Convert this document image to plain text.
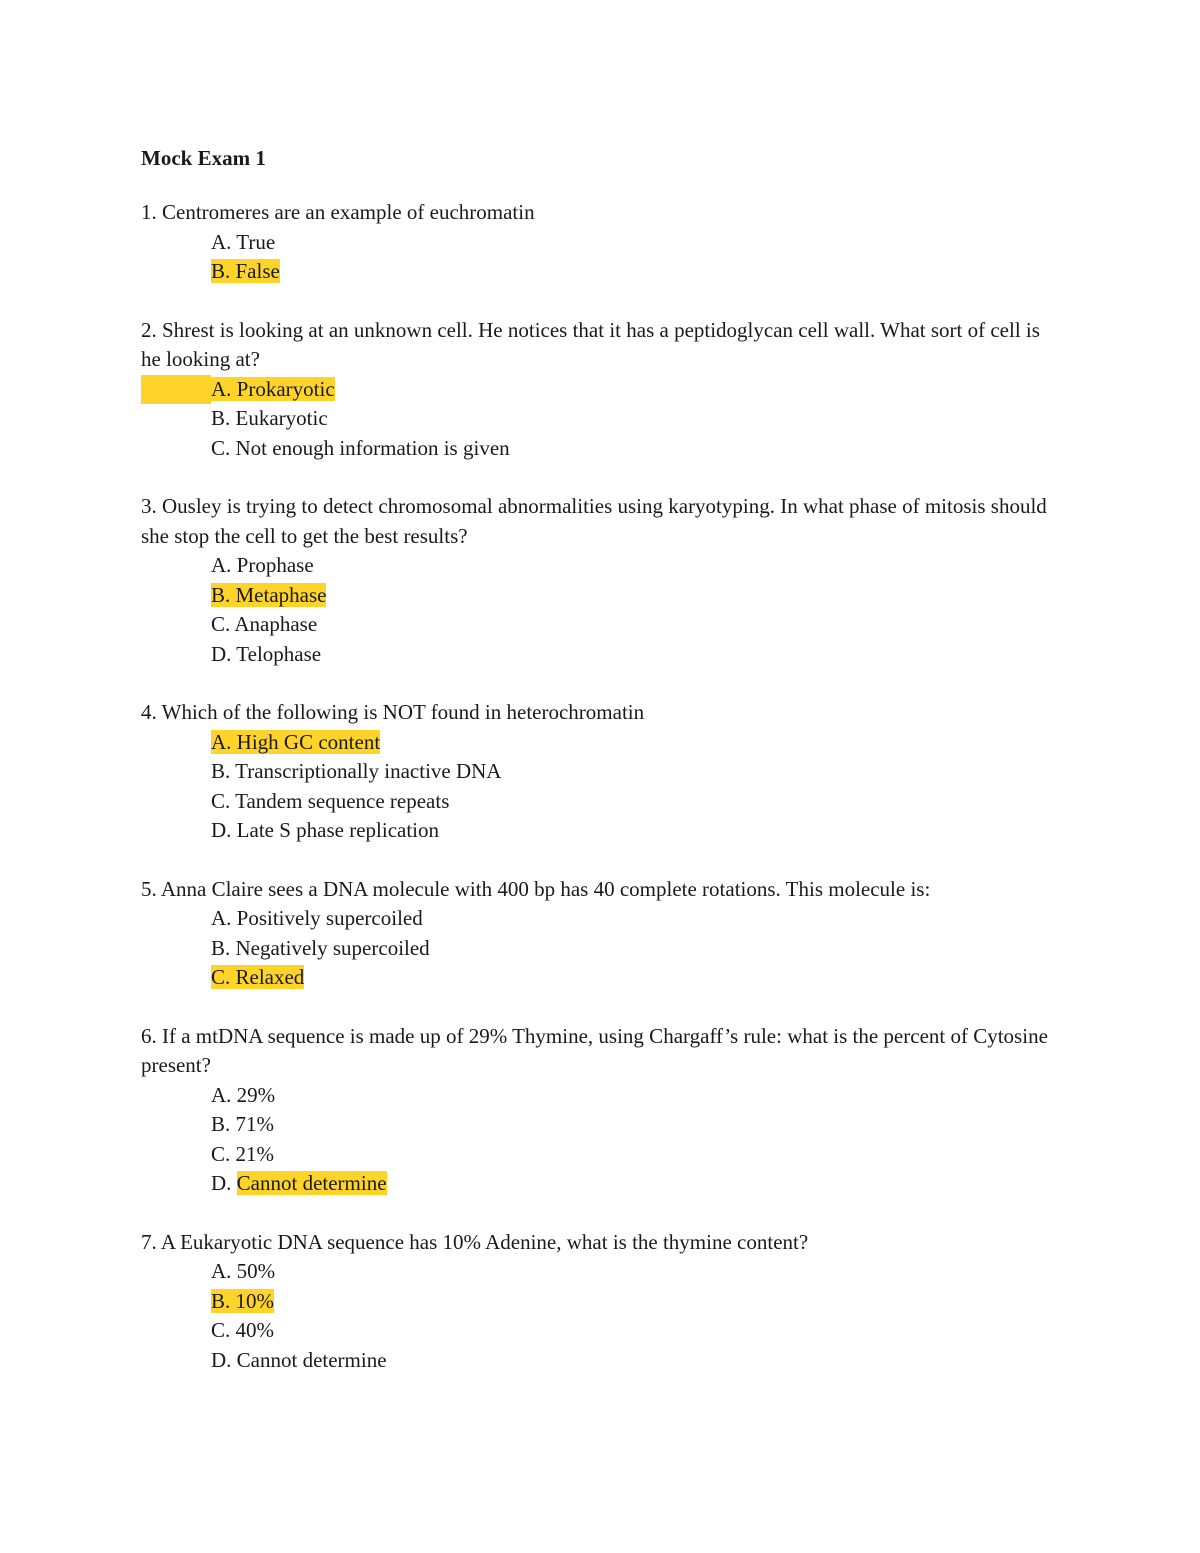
Mock Exam 1

1. Centromeres are an example of euchromatin

A. True
B. False

2. Shrest is looking at an unknown cell. He notices that it has a peptidoglycan cell wall. What sort of cell is he looking at?

A. Prokaryotic
B. Eukaryotic
C. Not enough information is given

3. Ousley is trying to detect chromosomal abnormalities using karyotyping. In what phase of mitosis should she stop the cell to get the best results?

A. Prophase
B. Metaphase
C. Anaphase
D. Telophase

4. Which of the following is NOT found in heterochromatin

A. High GC content
B. Transcriptionally inactive DNA
C. Tandem sequence repeats
D. Late S phase replication

5. Anna Claire sees a DNA molecule with 400 bp has 40 complete rotations. This molecule is:

A. Positively supercoiled
B. Negatively supercoiled
C. Relaxed

6. If a mtDNA sequence is made up of 29% Thymine, using Chargaff’s rule: what is the percent of Cytosine present?

A. 29%
B. 71%
C. 21%
D. Cannot determine

7. A Eukaryotic DNA sequence has 10% Adenine, what is the thymine content?

A. 50%
B. 10%
C. 40%
D. Cannot determine
